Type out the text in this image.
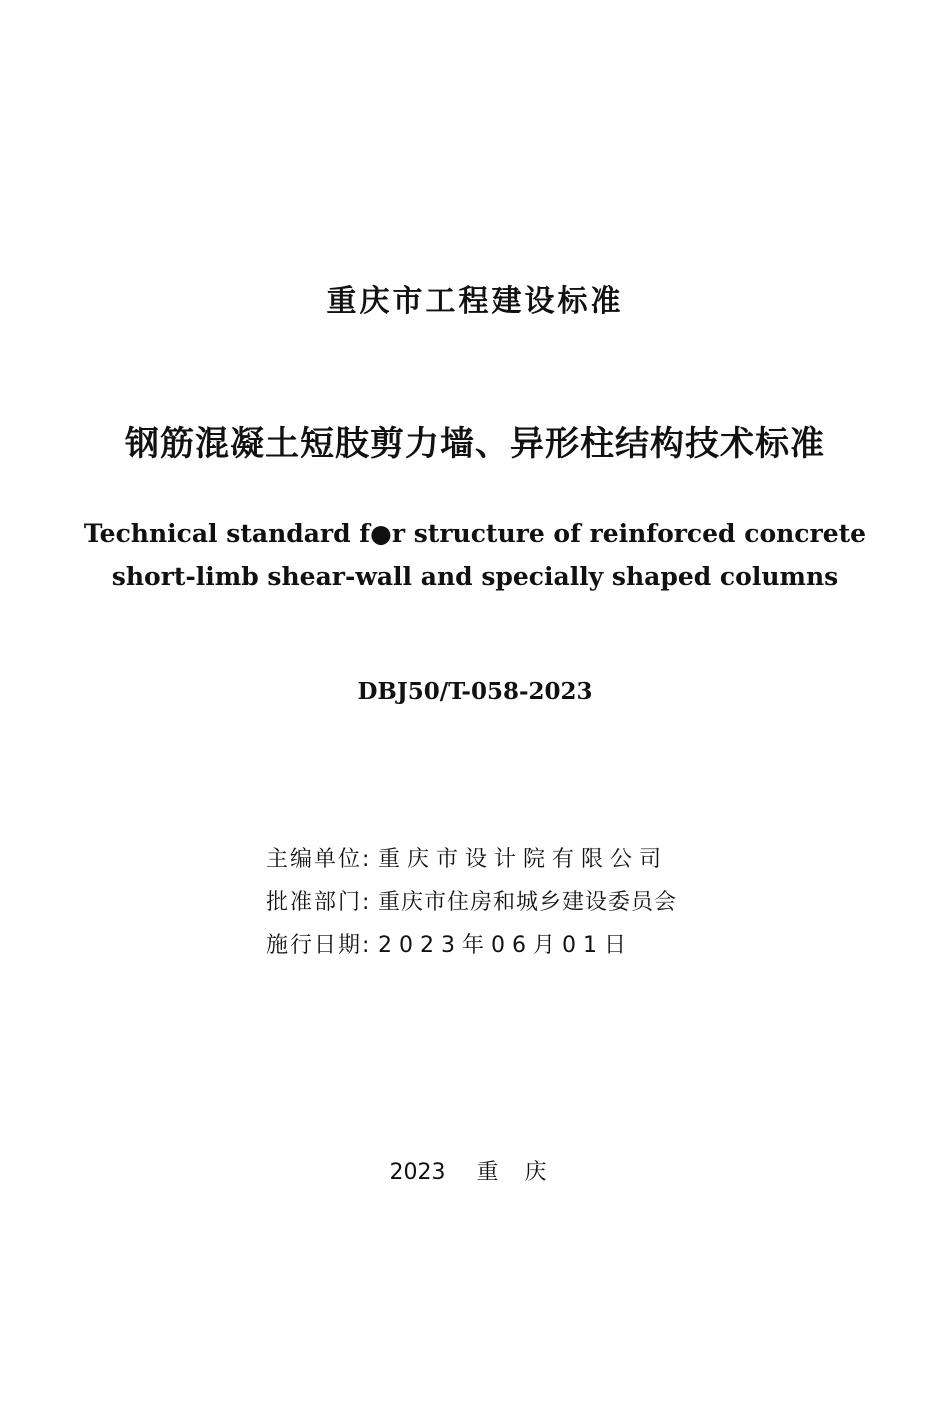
重庆市工程建设标准
钢筋混凝土短肢剪力墙、异形柱结构技术标准
Technical standard f●r structure of reinforced concrete
short-limb shear-wall and specially shaped columns
DBJ50/T-058-2023
主编单位: 重庆市设计院有限公司
批准部门: 重庆市住房和城乡建设委员会
施行日期: 2023年06月01日
2023 重庆
